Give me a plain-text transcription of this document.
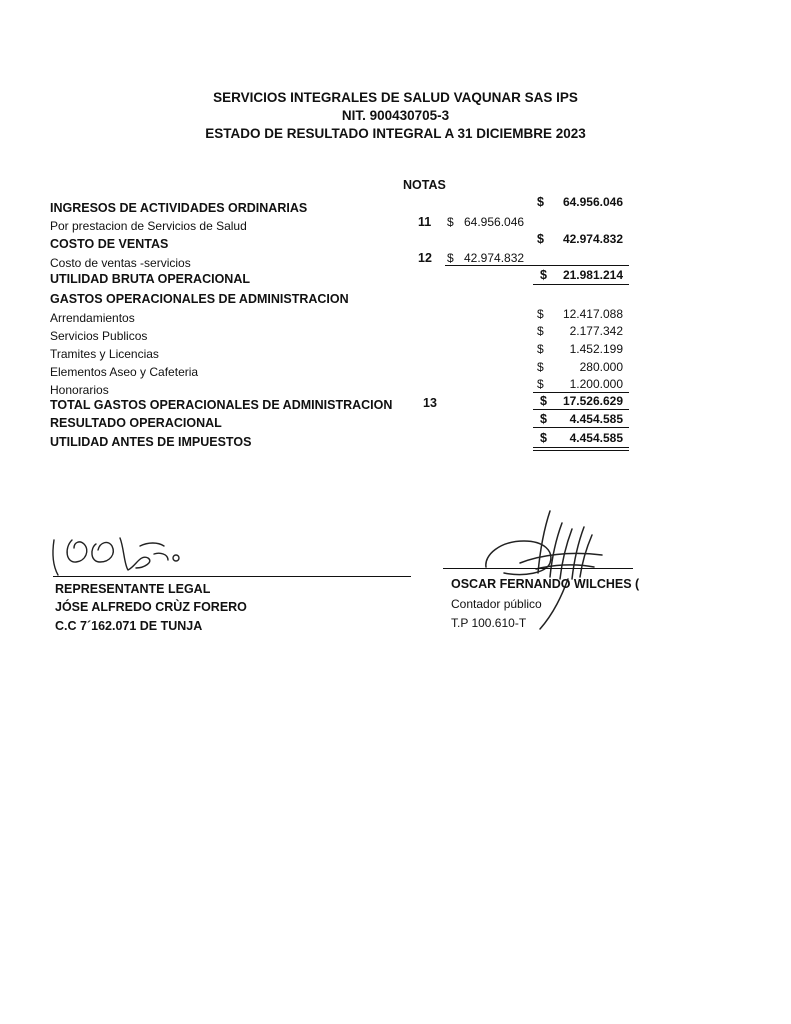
SERVICIOS INTEGRALES DE SALUD VAQUNAR SAS IPS
NIT. 900430705-3
ESTADO DE RESULTADO INTEGRAL A 31 DICIEMBRE 2023
NOTAS
INGRESOS DE ACTIVIDADES ORDINARIAS	$	64.956.046
Por prestacion de Servicios de Salud	11 $ 64.956.046
COSTO DE VENTAS	$	42.974.832
Costo de ventas -servicios	12 $ 42.974.832
UTILIDAD BRUTA OPERACIONAL	$	21.981.214
GASTOS OPERACIONALES DE ADMINISTRACION
Arrendamientos	$	12.417.088
Servicios Publicos	$	2.177.342
Tramites y Licencias	$	1.452.199
Elementos Aseo y Cafeteria	$	280.000
Honorarios	$	1.200.000
TOTAL GASTOS OPERACIONALES DE ADMINISTRACION 13	$	17.526.629
RESULTADO OPERACIONAL	$	4.454.585
UTILIDAD ANTES DE IMPUESTOS	$	4.454.585
REPRESENTANTE LEGAL
JÓSE ALFREDO CRÙZ FORERO
C.C 7´162.071 DE TUNJA
OSCAR FERNANDO WILCHES (
Contador público
T.P 100.610-T
